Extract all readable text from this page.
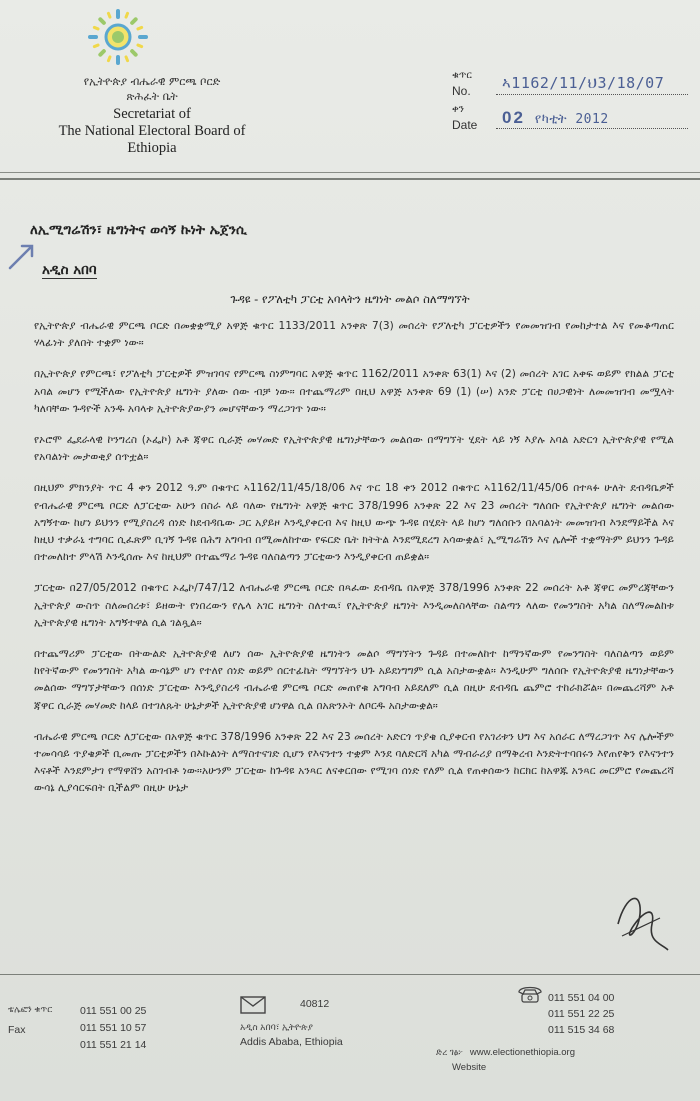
የኢትዮጵያ ብሔራዊ ምርጫ ቦርድ
ጽሕፈት ቤት
Secretariat of
The National Electoral Board of
Ethiopia
ቁጥር
No. ኣ1162/11/ህ3/18/07
ቀን
Date 02 የካቲት 2012
ለኢሚግሬሽን፣ ዜግነትና ወሳኝ ኩነት ኤጀንሲ
አዲስ አበባ
ጉዳዩ - የፖለቲካ ፓርቲ አባላትን ዜግነት መልሶ ስለማግኘት

የኢትዮጵያ ብሔራዊ ምርጫ ቦርድ በመቋቋሚያ አዋጅ ቁጥር 1133/2011 አንቀጽ 7(3) መሰረት የፖለቲካ ፓርቲዎችን የመመዝገብ የመከታተል እና የመቆጣጠር ሃላፊነት ያለበት ተቋም ነው።

በኢትዮጵያ የምርጫ፣ የፖለቲካ ፓርቲዎች ምዝገባና የምርጫ ስነምግባር አዋጅ ቁጥር 1162/2011 አንቀጽ 63(1) እና (2) መሰረት አገር አቀፍ ወይም የክልል ፓርቲ አባል መሆን የሚችለው የኢትዮጵያ ዜግነት ያለው ሰው ብቻ ነው። በተጨማሪም በዚህ አዋጅ አንቀጽ 69 (1) (ሠ) አንድ ፓርቲ በሀጋዊነት ለመመዝገብ መሟላት ካለባቸው ጉዳዮች አንዱ አባላቱ ኢትዮጵያውያን መሆናቸውን ማረጋገጥ ነው።

የኦሮሞ ፌደራላዊ ኮንግረስ (ኦፌኮ) አቶ ጃዋር ሲራጅ መሃመድ የኢትዮጵያዊ ዜግነታቸውን መልሰው በማግኘት ሂደት ላይ ነኝ እያሉ አባል አድርጎ ኢትዮጵያዊ የሚል የአባልነት መታወቂያ ሰጥቷል።

በዚህም ምክንያት ጥር 4 ቀን 2012 ዓ.ም በቁጥር ኣ1162/11/45/18/06 እና ጥር 18 ቀን 2012 በቁጥር ኣ1162/11/45/06 በተጻፉ ሁለት ደብዳቤዎች የብሔራዊ ምርጫ ቦርድ ለፓርቲው አሁን በስራ ላይ ባለው የዜግነት አዋጅ ቁጥር 378/1996 አንቀጽ 22 እና 23 መሰረት ግለሰቡ የኢትዮጵያ ዜግነት መልሰው አግኝተው ከሆነ ይህንን የሚያስረዳ ሰነድ ከደብዳቤው ጋር አያይዞ እንዲያቀርብ እና ከዚህ ውጭ ጉዳዩ በሂደት ላይ ከሆነ ግለሰቡን በአባልነት መመዝገብ እንደማይችል እና ከዚህ ተቃራኒ ተግባር ሲፈጽም ቢገኝ ጉዳዩ በሕግ አግባብ በሚመለከተው የፍርድ ቤት ክትትል እንደሚደረግ አሳውቋል፣ ኢሚግሬሽን እና ሌሎች ተቋማትም ይህንን ጉዳይ በተመለከተ ምላሽ እንዲሰጡ እና ከዚህም በተጨማሪ ጉዳዩ ባለስልጣን ፓርቲውን እንዲያቀርብ ጠይቋል።

ፓርቲው በ27/05/2012 በቁጥር ኦፌኮ/747/12 ለብሔራዊ ምርጫ ቦርድ በጻፈው ደብዳቤ በአዋጅ 378/1996 አንቀጽ 22 መሰረት አቶ ጃዋር መምረጃቸውን ኢትዮጵያ ውስጥ ስለመሰረቱ፣ ይዘውት የነበረውን የሌላ አገር ዜግነት ስለተዉ፣ የኢትዮጵያ ዜግነት እንዲመለስላቸው ስልጣን ላለው የመንግስት አካል ስለማመልከቱ ኢትዮጵያዊ ዜግነት አግኝተዋል ሲል ገልጿል።

በተጨማሪም ፓርቲው በትውልድ ኢትዮጵያዊ ለሆነ ሰው ኢትዮጵያዊ ዜግነትን መልሶ ማግኘትን ጉዳይ በተመለከተ ከማንኛውም የመንግስት ባለስልጣን ወይም ከየትኛውም የመንግስት አካል ውሳኔም ሆነ የተለየ ሰነድ ወይም ሰርተፊኬት ማግኘትን ህጉ አይደነግግም ሲል አስታውቋል። እንዲሁም ግለሰቡ የኢትዮጵያዊ ዜግነታቸውን መልሰው ማግኘታቸውን በሰነድ ፓርቲው እንዲያስረዳ ብሔራዊ ምርጫ ቦርድ መጠየቁ አግባብ አይደለም ሲል በዚሁ ደብዳቤ ጨምሮ ተከራክሯል። በመጨረሻም አቶ ጃዋር ሲራጅ መሃመድ ከላይ በተገለጹት ሁኔታዎች ኢትዮጵያዊ ሆነዋል ሲል በአጽንኦት ለቦርዱ አስታውቋል።

ብሔራዊ ምርጫ ቦርድ ለፓርቲው በአዋጅ ቁጥር 378/1996 አንቀጽ 22 እና 23 መሰረት አድርጎ ጥያቄ ሲያቀርብ የአገሪቱን ህግ እና አሰራር ለማረጋገጥ እና ሌሎችም ተመሳሳይ ጥያቄዎች ቢመጡ ፓርቲዎችን በእኩልነት ለማስተናገድ ሲሆን የእናንተን ተቋም እንደ ባለድርሻ አካል ማብራሪያ በማቅረብ እንድትተባበሩን እየጠየቅን የእናንተን እናቶች እንደምታገ የማዋሸን አስገብቶ ነው።አሁንም ፓርቲው ከጉዳዩ አንጻር ለናቀርበው የሚገባ ሰነድ የለም ሲል የጠቀሰውን ከርክር ከአዋጁ አንጻር መርምሮ የመጨረሻ ውሳኔ ሊያሳርፍበት ቢችልም በዚሁ ሁኔታ

ቴሌፎን ቁጥር
Fax
011 551 00 25
011 551 10 57
011 551 21 14
40812
አዲስ አበባ፣ ኢትዮጵያ
Addis Ababa, Ethiopia
011 551 04 00
011 551 22 25
011 515 34 68
ድረ ገፅ፦ www.electionethiopia.org
Website
